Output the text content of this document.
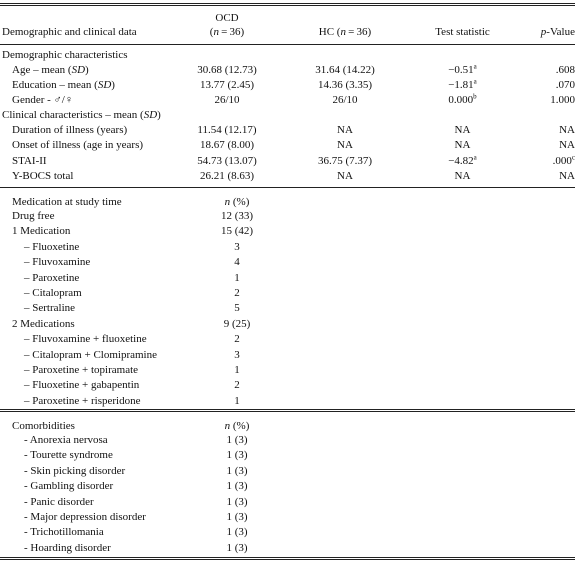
OCD
Demographic and clinical data	(n = 36)	HC (n = 36)	Test statistic	p-Value
Demographic characteristics
Age – mean (SD)	30.68 (12.73)	31.64 (14.22)	−0.51$^a$	.608
Education – mean (SD)	13.77 (2.45)	14.36 (3.35)	−1.81$^a$	.070
Gender - ♂/♀	26/10	26/10	0.000$^b$	1.000
Clinical characteristics – mean (SD)
Duration of illness (years)	11.54 (12.17)	NA	NA	NA
Onset of illness (age in years)	18.67 (8.00)	NA	NA	NA
STAI-II	54.73 (13.07)	36.75 (7.37)	−4.82$^a$	.000$^c$
Y-BOCS total	26.21 (8.63)	NA	NA	NA
Medication at study time	n (%)
Drug free	12 (33)
1 Medication	15 (42)
– Fluoxetine	3
– Fluvoxamine	4
– Paroxetine	1
– Citalopram	2
– Sertraline	5
2 Medications	9 (25)
– Fluvoxamine + fluoxetine	2
– Citalopram + Clomipramine	3
– Paroxetine + topiramate	1
– Fluoxetine + gabapentin	2
– Paroxetine + risperidone	1
Comorbidities	n (%)
- Anorexia nervosa	1 (3)
- Tourette syndrome	1 (3)
- Skin picking disorder	1 (3)
- Gambling disorder	1 (3)
- Panic disorder	1 (3)
- Major depression disorder	1 (3)
- Trichotillomania	1 (3)
- Hoarding disorder	1 (3)
